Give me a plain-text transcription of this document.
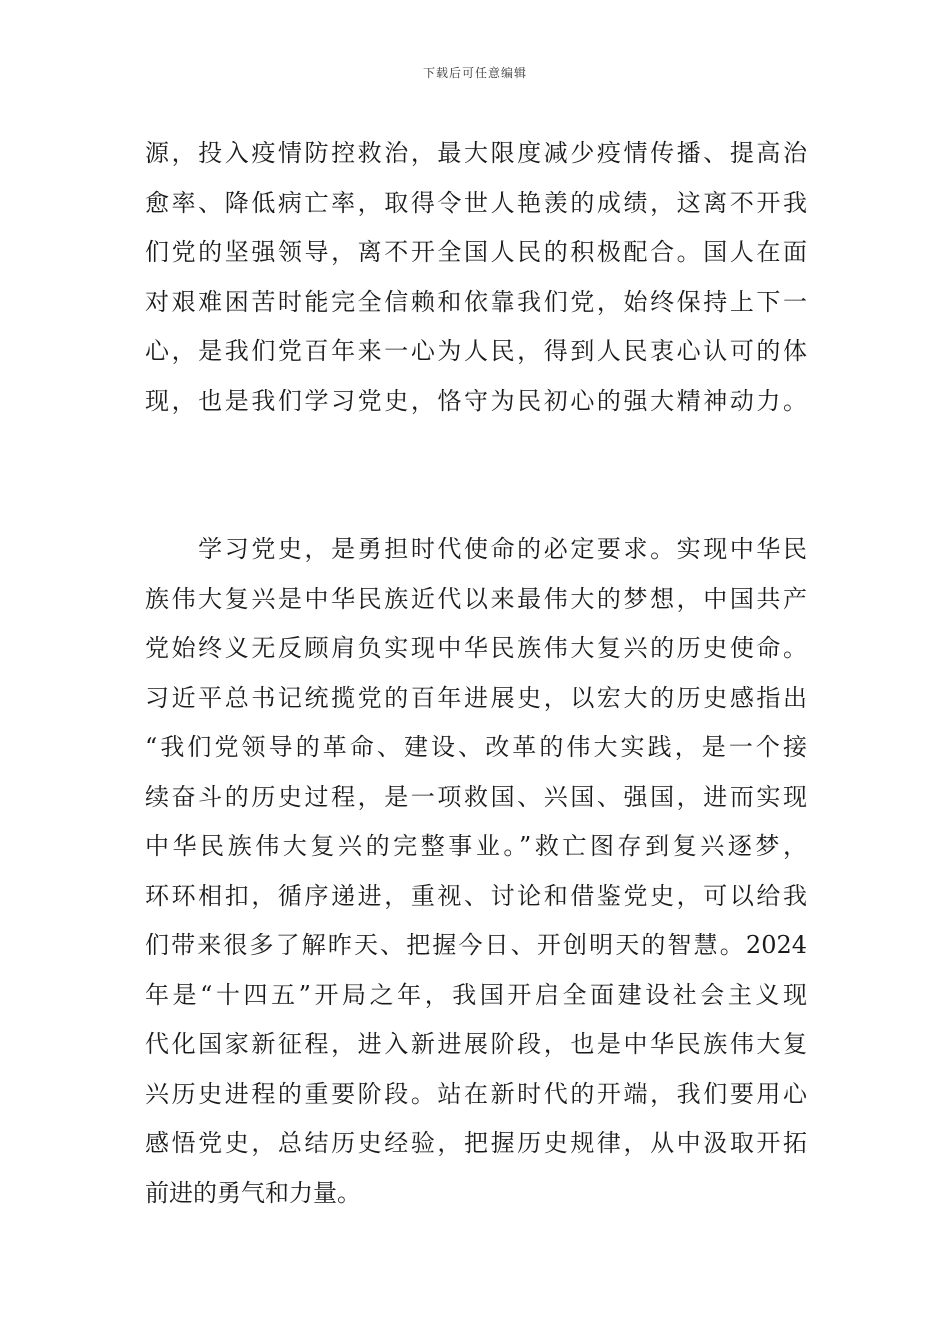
下载后可任意编辑
源，投入疫情防控救治，最大限度减少疫情传播、提高治
愈率、降低病亡率，取得令世人艳羡的成绩，这离不开我
们党的坚强领导，离不开全国人民的积极配合。国人在面
对艰难困苦时能完全信赖和依靠我们党，始终保持上下一
心，是我们党百年来一心为人民，得到人民衷心认可的体
现，也是我们学习党史，恪守为民初心的强大精神动力。
　　学习党史，是勇担时代使命的必定要求。实现中华民
族伟大复兴是中华民族近代以来最伟大的梦想，中国共产
党始终义无反顾肩负实现中华民族伟大复兴的历史使命。
习近平总书记统揽党的百年进展史，以宏大的历史感指出
“我们党领导的革命、建设、改革的伟大实践，是一个接
续奋斗的历史过程，是一项救国、兴国、强国，进而实现
中华民族伟大复兴的完整事业。”救亡图存到复兴逐梦，
环环相扣，循序递进，重视、讨论和借鉴党史，可以给我
们带来很多了解昨天、把握今日、开创明天的智慧。2024
年是“十四五”开局之年，我国开启全面建设社会主义现
代化国家新征程，进入新进展阶段，也是中华民族伟大复
兴历史进程的重要阶段。站在新时代的开端，我们要用心
感悟党史，总结历史经验，把握历史规律，从中汲取开拓
前进的勇气和力量。
